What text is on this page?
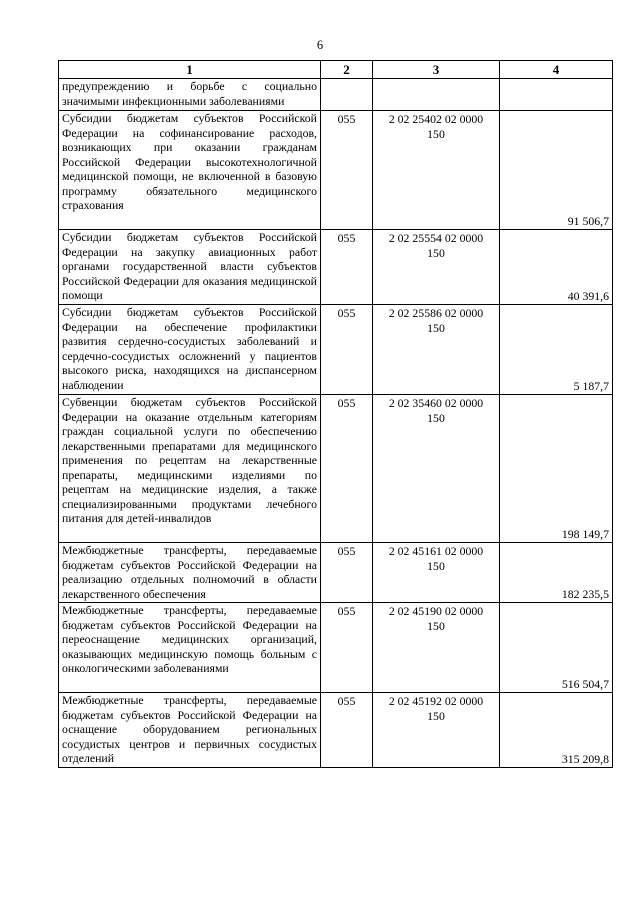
6
1	2	3	4
предупреждению и борьбе с социально значимыми инфекционными заболеваниями			
Субсидии бюджетам субъектов Российской Федерации на софинансирование расходов, возникающих при оказании гражданам Российской Федерации высокотехнологичной медицинской помощи, не включенной в базовую программу обязательного медицинского страхования	055	2 02 25402 02 0000 150	91 506,7
Субсидии бюджетам субъектов Российской Федерации на закупку авиационных работ органами государственной власти субъектов Российской Федерации для оказания медицинской помощи	055	2 02 25554 02 0000 150	40 391,6
Субсидии бюджетам субъектов Российской Федерации на обеспечение профилактики развития сердечно-сосудистых заболеваний и сердечно-сосудистых осложнений у пациентов высокого риска, находящихся на диспансерном наблюдении	055	2 02 25586 02 0000 150	5 187,7
Субвенции бюджетам субъектов Российской Федерации на оказание отдельным категориям граждан социальной услуги по обеспечению лекарственными препаратами для медицинского применения по рецептам на лекарственные препараты, медицинскими изделиями по рецептам на медицинские изделия, а также специализированными продуктами лечебного питания для детей-инвалидов	055	2 02 35460 02 0000 150	198 149,7
Межбюджетные трансферты, передаваемые бюджетам субъектов Российской Федерации на реализацию отдельных полномочий в области лекарственного обеспечения	055	2 02 45161 02 0000 150	182 235,5
Межбюджетные трансферты, передаваемые бюджетам субъектов Российской Федерации на переоснащение медицинских организаций, оказывающих медицинскую помощь больным с онкологическими заболеваниями	055	2 02 45190 02 0000 150	516 504,7
Межбюджетные трансферты, передаваемые бюджетам субъектов Российской Федерации на оснащение оборудованием региональных сосудистых центров и первичных сосудистых отделений	055	2 02 45192 02 0000 150	315 209,8
